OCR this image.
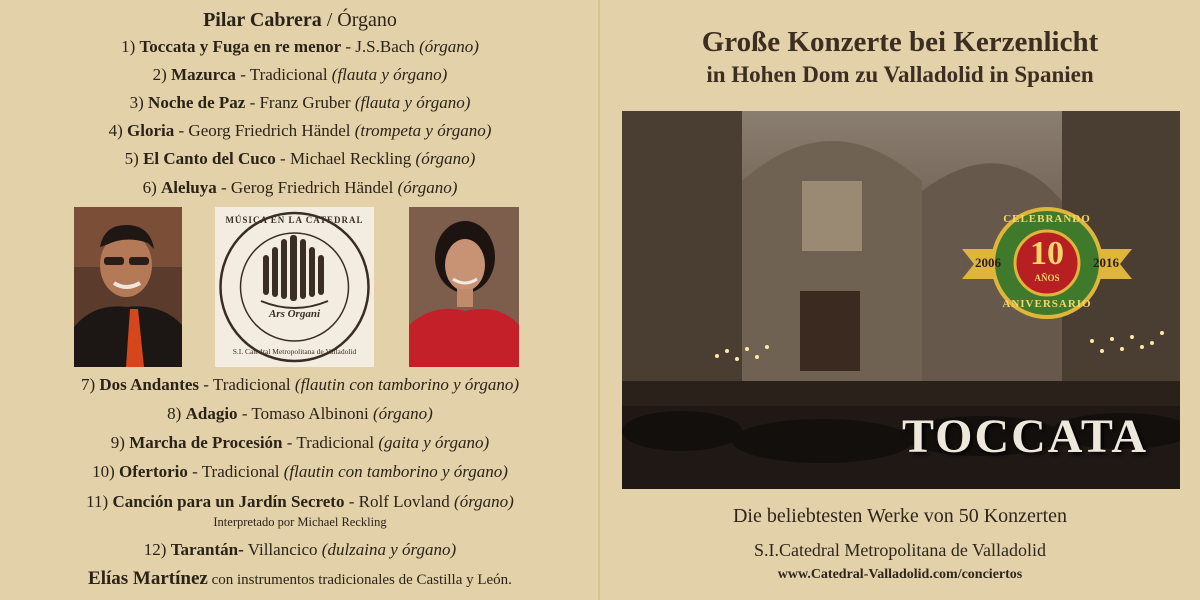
Pilar Cabrera / Órgano
1) Toccata y Fuga en re menor - J.S.Bach (órgano)
2) Mazurca - Tradicional (flauta y órgano)
3) Noche de Paz - Franz Gruber (flauta y órgano)
4) Gloria - Georg Friedrich Händel (trompeta y órgano)
5) El Canto del Cuco - Michael Reckling (órgano)
6) Aleluya - Gerog Friedrich Händel (órgano)
MÚSICA EN LA CATEDRAL
Ars Organi
S.I. Catedral Metropolitana de Valladolid
7) Dos Andantes - Tradicional (flautin con tamborino y órgano)
8) Adagio - Tomaso Albinoni (órgano)
9) Marcha de Procesión - Tradicional (gaita y órgano)
10) Ofertorio - Tradicional (flautin con tamborino y órgano)
11) Canción para un Jardín Secreto - Rolf Lovland (órgano)
Interpretado por Michael Reckling
12) Tarantán- Villancico (dulzaina y órgano)
Elías Martínez con instrumentos tradicionales de Castilla y León.
Große Konzerte bei Kerzenlicht
in Hohen Dom zu Valladolid in Spanien
CELEBRANDO
2006	2016
10
AÑOS
ANIVERSARIO
TOCCATA
Die beliebtesten Werke von 50 Konzerten
S.I.Catedral Metropolitana de Valladolid
www.Catedral-Valladolid.com/conciertos
